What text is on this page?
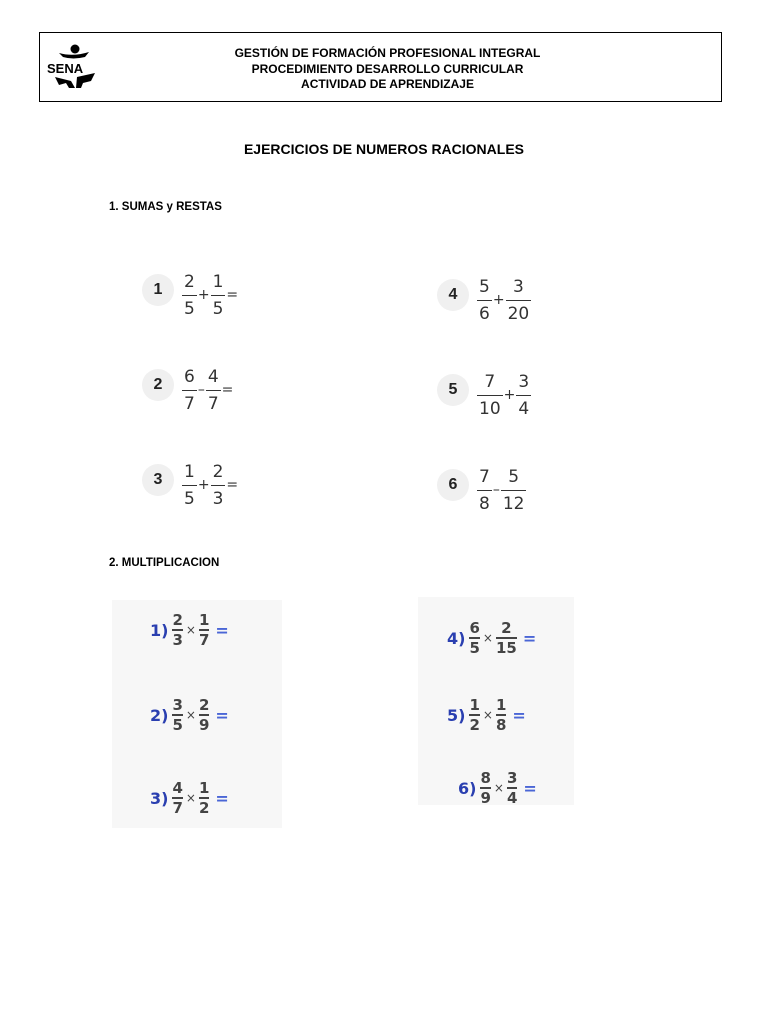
SENA
GESTIÓN DE FORMACIÓN PROFESIONAL INTEGRAL
PROCEDIMIENTO DESARROLLO CURRICULAR
ACTIVIDAD DE APRENDIZAJE
EJERCICIOS DE NUMEROS RACIONALES
1. SUMAS y RESTAS
1	$\frac{2}{5} + \frac{1}{5}$ =
2	$\frac{6}{7} - \frac{4}{7}$ =
3	$\frac{1}{5} + \frac{2}{3}$ =
4	$\frac{5}{6} + \frac{3}{20}$
5	$\frac{7}{10} + \frac{3}{4}$
6	$\frac{7}{8} - \frac{5}{12}$
2. MULTIPLICACION
$1) \frac{2}{3} \times \frac{1}{7}$ =
$2) \frac{3}{5} \times \frac{2}{9}$ =
$3) \frac{4}{7} \times \frac{1}{2}$ =
$4) \frac{6}{5} \times \frac{2}{15}$ =
$5) \frac{1}{2} \times \frac{1}{8}$ =
$6) \frac{8}{9} \times \frac{3}{4}$ =
